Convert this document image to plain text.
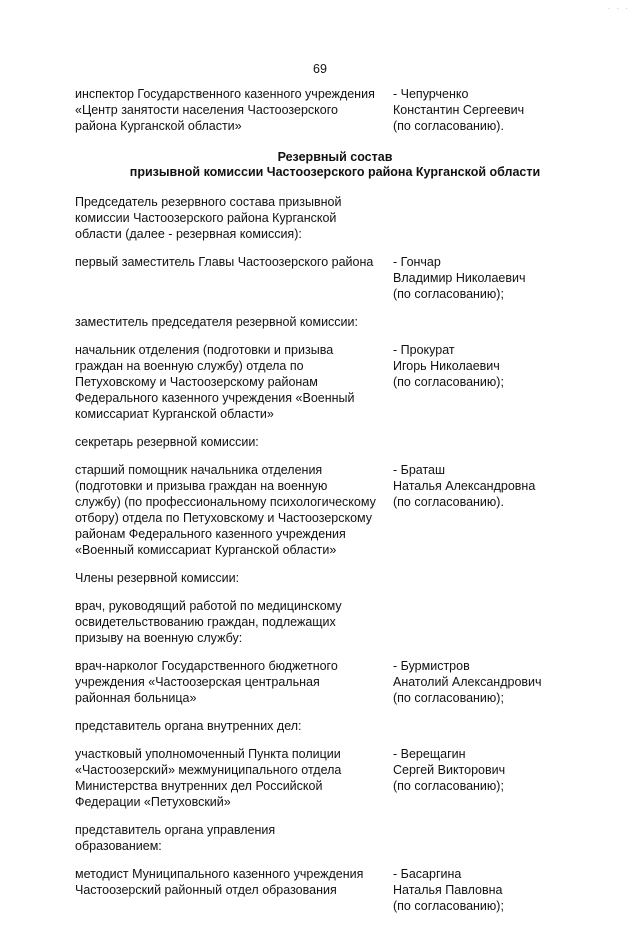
· · ·
69
инспектор Государственного казенного учреждения
«Центр занятости населения Частоозерского
района Курганской области»
- Чепурченко
Константин Сергеевич
(по согласованию).
Резервный состав
призывной комиссии Частоозерского района Курганской области
Председатель резервного состава призывной
комиссии Частоозерского района Курганской
области (далее - резервная комиссия):
первый заместитель Главы Частоозерского района	- Гончар
Владимир Николаевич
(по согласованию);
заместитель председателя резервной комиссии:
начальник отделения (подготовки и призыва
граждан на военную службу) отдела по
Петуховскому и Частоозерскому районам
Федерального казенного учреждения «Военный
комиссариат Курганской области»
- Прокурат
Игорь Николаевич
(по согласованию);
секретарь резервной комиссии:
старший помощник начальника отделения
(подготовки и призыва граждан на военную
службу) (по профессиональному психологическому
отбору) отдела по Петуховскому и Частоозерскому
районам Федерального казенного учреждения
«Военный комиссариат Курганской области»
- Браташ
Наталья Александровна
(по согласованию).
Члены резервной комиссии:
врач, руководящий работой по медицинскому
освидетельствованию граждан, подлежащих
призыву на военную службу:
врач-нарколог Государственного бюджетного
учреждения «Частоозерская центральная
районная больница»
- Бурмистров
Анатолий Александрович
(по согласованию);
представитель органа внутренних дел:
участковый уполномоченный Пункта полиции
«Частоозерский» межмуниципального отдела
Министерства внутренних дел Российской
Федерации «Петуховский»
- Верещагин
Сергей Викторович
(по согласованию);
представитель органа управления
образованием:
методист Муниципального казенного учреждения
Частоозерский районный отдел образования
- Басаргина
Наталья Павловна
(по согласованию);
